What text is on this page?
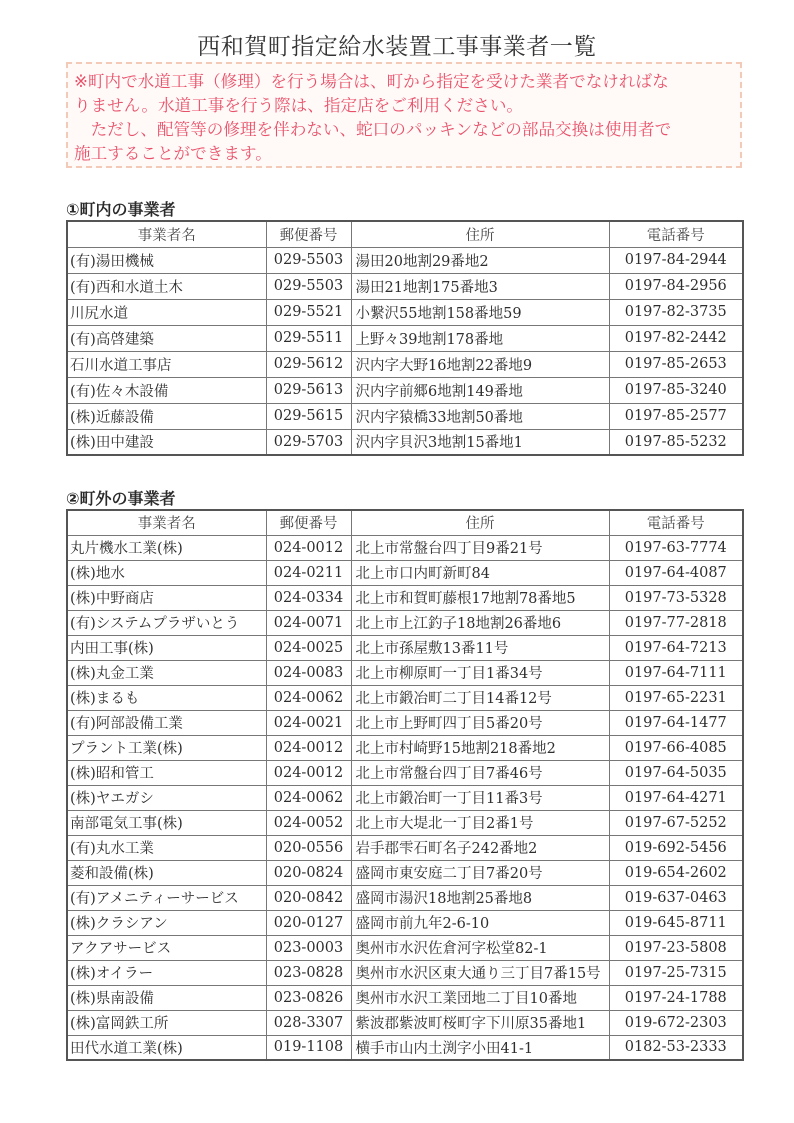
西和賀町指定給水装置工事事業者一覧

※町内で水道工事（修理）を行う場合は、町から指定を受けた業者でなければな

りません。水道工事を行う際は、指定店をご利用ください。

　ただし、配管等の修理を伴わない、蛇口のパッキンなどの部品交換は使用者で

施工することができます。

①町内の事業者
事業者名	郵便番号	住所	電話番号
(有)湯田機械	029-5503	湯田20地割29番地2	0197-84-2944
(有)西和水道土木	029-5503	湯田21地割175番地3	0197-84-2956
川尻水道	029-5521	小繋沢55地割158番地59	0197-82-3735
(有)高啓建築	029-5511	上野々39地割178番地	0197-82-2442
石川水道工事店	029-5612	沢内字大野16地割22番地9	0197-85-2653
(有)佐々木設備	029-5613	沢内字前郷6地割149番地	0197-85-3240
(株)近藤設備	029-5615	沢内字猿橋33地割50番地	0197-85-2577
(株)田中建設	029-5703	沢内字貝沢3地割15番地1	0197-85-5232
②町外の事業者
事業者名	郵便番号	住所	電話番号
丸片機水工業(株)	024-0012	北上市常盤台四丁目9番21号	0197-63-7774
(株)地水	024-0211	北上市口内町新町84	0197-64-4087
(株)中野商店	024-0334	北上市和賀町藤根17地割78番地5	0197-73-5328
(有)システムプラザいとう	024-0071	北上市上江釣子18地割26番地6	0197-77-2818
内田工事(株)	024-0025	北上市孫屋敷13番11号	0197-64-7213
(株)丸金工業	024-0083	北上市柳原町一丁目1番34号	0197-64-7111
(株)まるも	024-0062	北上市鍛冶町二丁目14番12号	0197-65-2231
(有)阿部設備工業	024-0021	北上市上野町四丁目5番20号	0197-64-1477
プラント工業(株)	024-0012	北上市村崎野15地割218番地2	0197-66-4085
(株)昭和管工	024-0012	北上市常盤台四丁目7番46号	0197-64-5035
(株)ヤエガシ	024-0062	北上市鍛冶町一丁目11番3号	0197-64-4271
南部電気工事(株)	024-0052	北上市大堤北一丁目2番1号	0197-67-5252
(有)丸水工業	020-0556	岩手郡雫石町名子242番地2	019-692-5456
菱和設備(株)	020-0824	盛岡市東安庭二丁目7番20号	019-654-2602
(有)アメニティーサービス	020-0842	盛岡市湯沢18地割25番地8	019-637-0463
(株)クラシアン	020-0127	盛岡市前九年2-6-10	019-645-8711
アクアサービス	023-0003	奥州市水沢佐倉河字松堂82-1	0197-23-5808
(株)オイラー	023-0828	奥州市水沢区東大通り三丁目7番15号	0197-25-7315
(株)県南設備	023-0826	奥州市水沢工業団地二丁目10番地	0197-24-1788
(株)富岡鉄工所	028-3307	紫波郡紫波町桜町字下川原35番地1	019-672-2303
田代水道工業(株)	019-1108	横手市山内土渕字小田41-1	0182-53-2333
